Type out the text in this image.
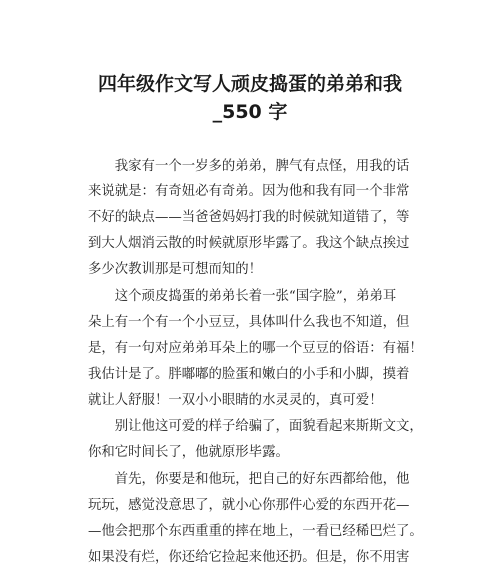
四年级作文写人顽皮捣蛋的弟弟和我
_550 字
　　我家有一个一岁多的弟弟，脾气有点怪，用我的话
来说就是：有奇妞必有奇弟。因为他和我有同一个非常
不好的缺点——当爸爸妈妈打我的时候就知道错了，等
到大人烟消云散的时候就原形毕露了。我这个缺点挨过
多少次教训那是可想而知的！
　　这个顽皮捣蛋的弟弟长着一张“国字脸”，弟弟耳
朵上有一个有一个小豆豆，具体叫什么我也不知道，但
是，有一句对应弟弟耳朵上的哪一个豆豆的俗语：有福！
我估计是了。胖嘟嘟的脸蛋和嫩白的小手和小脚，摸着
就让人舒服！一双小小眼睛的水灵灵的，真可爱！
　　别让他这可爱的样子给骗了，面貌看起来斯斯文文，
你和它时间长了，他就原形毕露。
　　首先，你要是和他玩，把自己的好东西都给他，他
玩玩，感觉没意思了，就小心你那件心爱的东西开花—
—他会把那个东西重重的摔在地上，一看已经稀巴烂了。
如果没有烂，你还给它捡起来他还扔。但是，你不用害
